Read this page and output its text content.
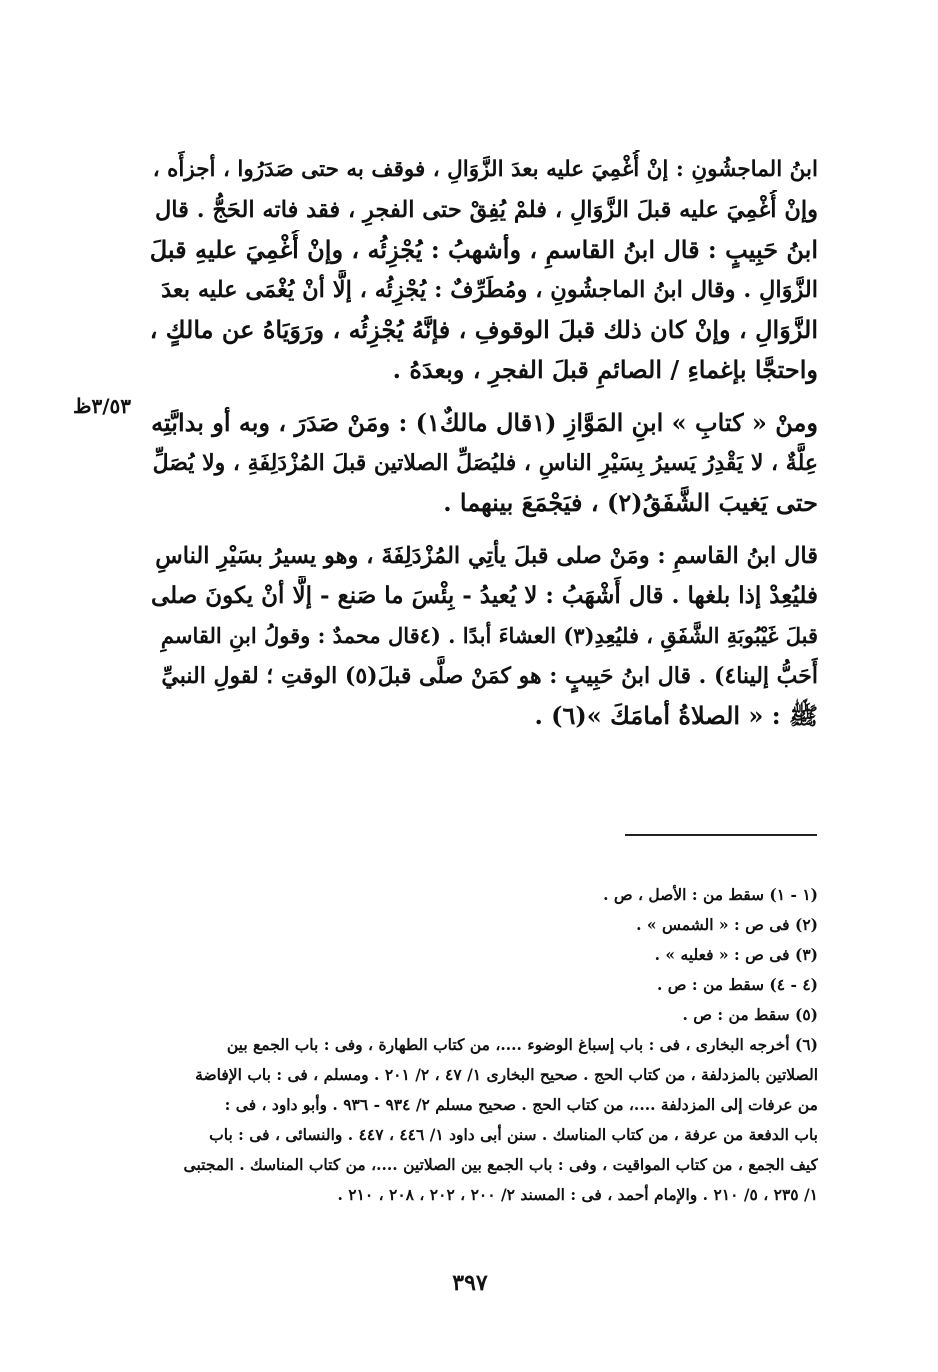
٣/٥٣ظ
ابنُ الماجشُونِ : إنْ أُغْمِيَ عليه بعدَ الزَّوَالِ ، فوقف به حتى صَدَرُوا ، أجزأَه ،
وإنْ أُغْمِيَ عليه قبلَ الزَّوَالِ ، فلمْ يُفِقْ حتى الفجرِ ، فقد فاته الحَجُّ . قال
ابنُ حَبِيبٍ : قال ابنُ القاسمِ ، وأشهبُ : يُجْزِئُه ، وإنْ أُغْمِيَ عليهِ قبلَ
الزَّوَالِ . وقال ابنُ الماجشُونِ ، ومُطَرِّفٌ : يُجْزِئُه ، إلَّا أنْ يُغْمَى عليه بعدَ
الزَّوَالِ ، وإنْ كان ذلك قبلَ الوقوفِ ، فإنَّهُ يُجْزِئُه ، ورَوَيَاهُ عن مالكٍ ،
واحتجَّا بإغماءِ / الصائمِ قبلَ الفجرِ ، وبعدَهُ .
ومنْ « كتابِ » ابنِ المَوَّازِ (١قال مالكٌ١) : ومَنْ صَدَرَ ، وبه أو بدابَّتِه
عِلَّةٌ ، لا يَقْدِرُ يَسيرُ بِسَيْرِ الناسِ ، فليُصَلِّ الصلاتين قبلَ المُزْدَلِفَةِ ، ولا يُصَلِّ
حتى يَغيبَ الشَّفَقُ(٢) ، فيَجْمَعَ بينهما .
قال ابنُ القاسمِ : ومَنْ صلى قبلَ يأتِي المُزْدَلِفَةَ ، وهو يسيرُ بسَيْرِ الناسِ
فليُعِدْ إذا بلغها . قال أَشْهَبُ : لا يُعيدُ - بِئْسَ ما صَنع - إلَّا أنْ يكونَ صلى
قبلَ غَيْبُوبَةِ الشَّفَقِ ، فليُعِدِ(٣) العشاءَ أبدًا . (٤قال محمدٌ : وقولُ ابنِ القاسمِ
أَحَبُّ إلينا٤) . قال ابنُ حَبِيبٍ : هو كمَنْ صلَّى قبلَ(٥) الوقتِ ؛ لقولِ النبيِّ
ﷺ : « الصلاةُ أمامَكَ »(٦) .
(١ - ١) سقط من : الأصل ، ص .
(٢) فى ص : « الشمس » .
(٣) فى ص : « فعليه » .
(٤ - ٤) سقط من : ص .
(٥) سقط من : ص .
(٦) أخرجه البخارى ، فى : باب إسباغ الوضوء ....، من كتاب الطهارة ، وفى : باب الجمع بين
الصلاتين بالمزدلفة ، من كتاب الحج . صحيح البخارى ١/ ٤٧ ، ٢/ ٢٠١ . ومسلم ، فى : باب الإفاضة
من عرفات إلى المزدلفة ....، من كتاب الحج . صحيح مسلم ٢/ ٩٣٤ - ٩٣٦ . وأبو داود ، فى :
باب الدفعة من عرفة ، من كتاب المناسك . سنن أبى داود ١/ ٤٤٦ ، ٤٤٧ . والنسائى ، فى : باب
كيف الجمع ، من كتاب المواقيت ، وفى : باب الجمع بين الصلاتين ....، من كتاب المناسك . المجتبى
١/ ٢٣٥ ، ٥/ ٢١٠ . والإمام أحمد ، فى : المسند ٢/ ٢٠٠ ، ٢٠٢ ، ٢٠٨ ، ٢١٠ .
٣٩٧
